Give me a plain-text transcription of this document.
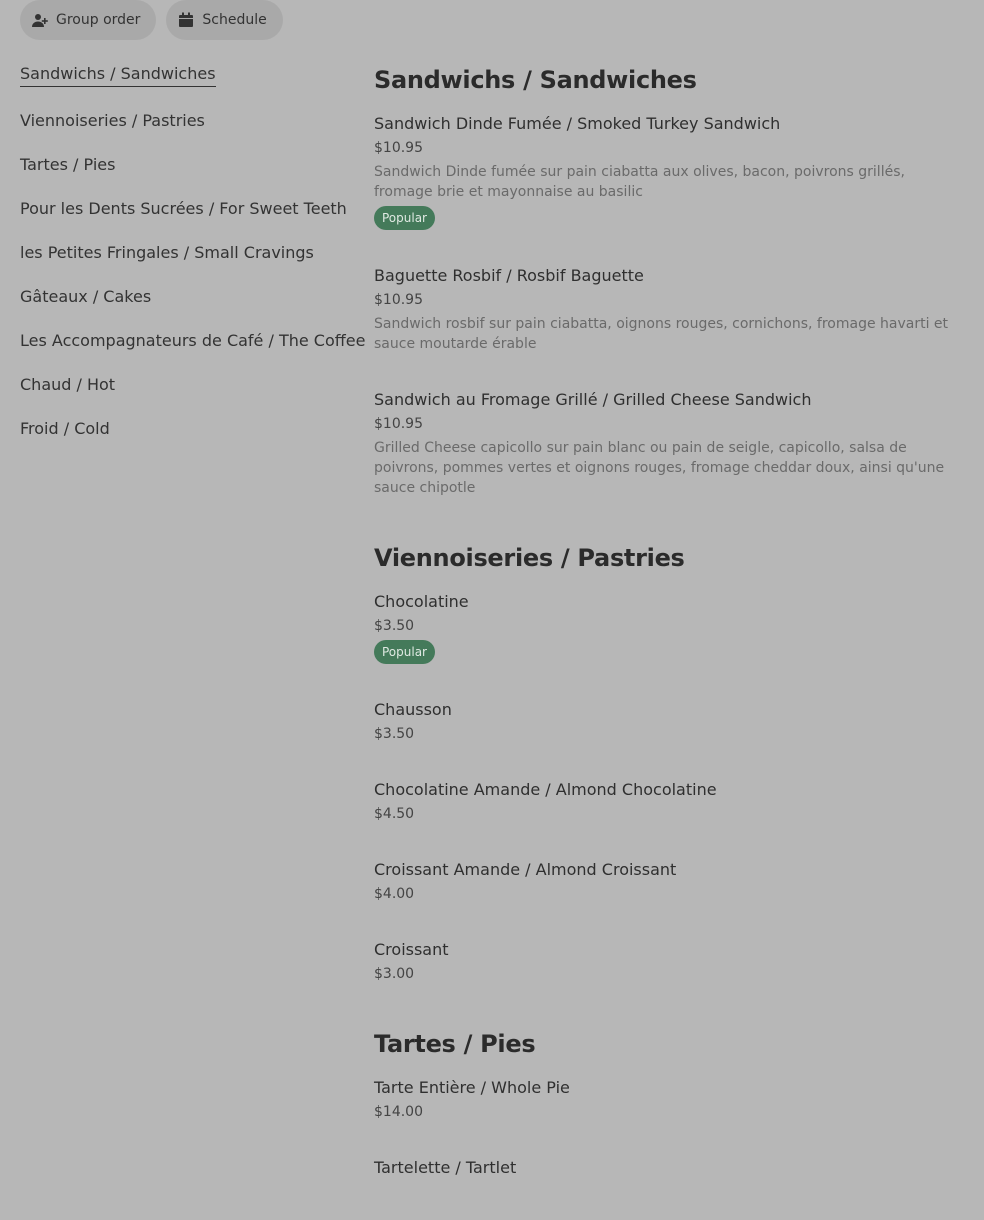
Group order	Schedule
Sandwichs / Sandwiches
Viennoiseries / Pastries
Tartes / Pies
Pour les Dents Sucrées / For Sweet Teeth
les Petites Fringales / Small Cravings
Gâteaux / Cakes
Les Accompagnateurs de Café / The Coffee
Chaud / Hot
Froid / Cold
Sandwichs / Sandwiches
Sandwich Dinde Fumée / Smoked Turkey Sandwich
$10.95
Sandwich Dinde fumée sur pain ciabatta aux olives, bacon, poivrons grillés, fromage brie et mayonnaise au basilic
Popular
Baguette Rosbif / Rosbif Baguette
$10.95
Sandwich rosbif sur pain ciabatta, oignons rouges, cornichons, fromage havarti et sauce moutarde érable
Sandwich au Fromage Grillé / Grilled Cheese Sandwich
$10.95
Grilled Cheese capicollo sur pain blanc ou pain de seigle, capicollo, salsa de poivrons, pommes vertes et oignons rouges, fromage cheddar doux, ainsi qu'une sauce chipotle
Viennoiseries / Pastries
Chocolatine
$3.50
Popular
Chausson
$3.50
Chocolatine Amande / Almond Chocolatine
$4.50
Croissant Amande / Almond Croissant
$4.00
Croissant
$3.00
Tartes / Pies
Tarte Entière / Whole Pie
$14.00
Tartelette / Tartlet
